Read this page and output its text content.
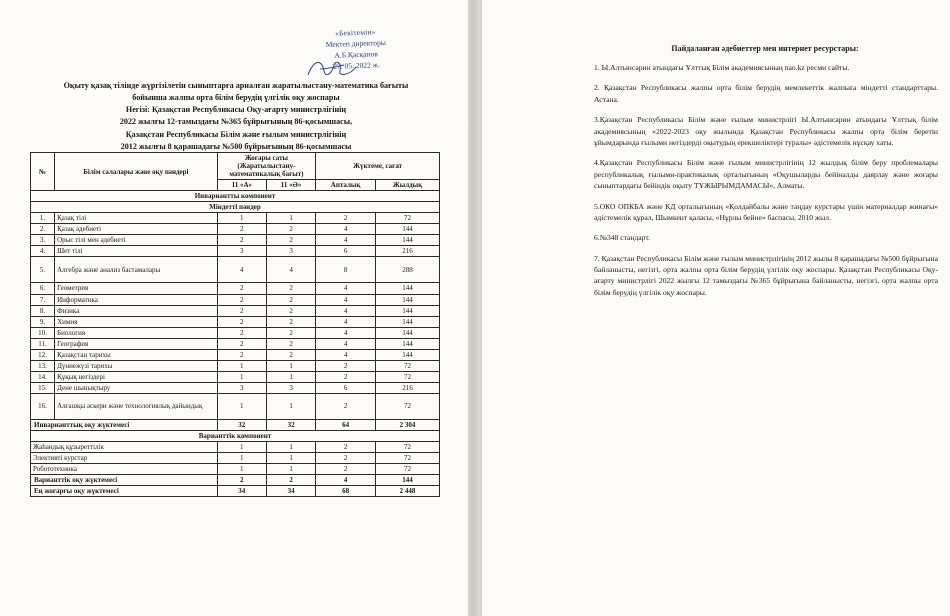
«Бекітемін»
Мектеп директоры
А.Б.Қасқанов
27. 05. 2022 ж.
Оқыту қазақ тілінде жүргізілетін сыныптарға арналған жаратылыстану-математика бағыты
бойынша жалпы орта білім берудің үлгілік оқу жоспары
Негізі: Қазақстан Республикасы Оқу-ағарту министрлігінің
2022 жылғы 12-тамыздағы №365 бұйрығының 86-қосымшасы,
Қазақстан Республикасы Білім және ғылым министрлігінің
2012 жылғы 8 қарашадағы №500 бұйрығының 86-қосымшасы
№	Білім салалары және оқу пәндері	Жоғары саты (Жаратылыстану-математикалық бағыт)		Жүктеме, сағат	

		11 «А»	11 «Ә»	Апталық	Жылдық
Инвариантты компонент					
Міндетті пәндер					
1.	Қазақ тілі	1	1	2	72
2.	Қазақ әдебиеті	2	2	4	144
3.	Орыс тілі мен әдебиеті	2	2	4	144
4.	Шет тілі	3	3	6	216
5.	Алгебра және анализ бастамалары	4	4	8	288
6.	Геометрия	2	2	4	144
7.	Информатика	2	2	4	144
8.	Физика	2	2	4	144
9.	Химия	2	2	4	144
10.	Биология	2	2	4	144
11.	География	2	2	4	144
12.	Қазақстан тарихы	2	2	4	144
13.	Дүниежүзі тарихы	1	1	2	72
14.	Құқық негіздері	1	1	2	72
15.	Дене шынықтыру	3	3	6	216
16.	Алғашқы әскери және технологиялық дайындық	1	1	2	72
Инварианттық оқу жүктемесі		32	32	64	2 304
Варианттік компонент					
Жаһандық құзыреттілік		1	1	2	72
Элективті курстар		1	1	2	72
Робототехника		1	1	2	72
Варианттік оқу жүктемесі		2	2	4	144
Ең жоғарғы оқу жүктемесі		34	34	68	2 448
Пайдаланған әдебиеттер мен интернет ресурстары:

1. Ы.Алтынсарин атындағы Ұлттық Білім академиясының nao.kz ресми сайты.

2. Қазақстан Республикасы жалпы орта білім берудің мемлекеттік жалпыға міндетті стандарттары. Астана.

3.Қазақстан Республикасы Білім және ғылым министрлігі Ы.Алтынсарин атындағы Ұлттық білім академиясының «2022-2023 оқу жылында Қазақстан Республикасы жалпы орта білім беретін ұйымдарында ғылыми негіздерді оқытудың ерекшеліктері туралы» әдістемелік нұсқау хаты.

4.Қазақстан Республикасы Білім және ғылым министрлігінің 12 жылдық білім беру проблемалары республикалық ғылыми-практикалық орталығының «Оқушыларды бейіналды даярлау және жоғары сыныптардағы бейіндік оқыту ТҰЖЫРЫМДАМАСЫ», Алматы.

5.ОКО ОПКБА және КД орталығының «Қолдайбалы және таңдау курстары үшін материалдар жинағы» әдістемелік құрал, Шымкент қаласы, «Нұрлы бейне» баспасы, 2010 жыл.

6.№348 стандарт.

7. Қазақстан Республикасы Білім және ғылым министрлігінің 2012 жылы 8 қарашадағы №500 бұйрығына байланысты, негізгі, орта жалпы орта білім берудің үлгілік оқу жоспары. Қазақстан Республикасы Оқу-ағарту министрлігі 2022 жылғы 12 тамыздағы №365 бұйрығына байланысты, негізгі, орта жалпы орта білім берудің үлгілік оқу жоспары.
